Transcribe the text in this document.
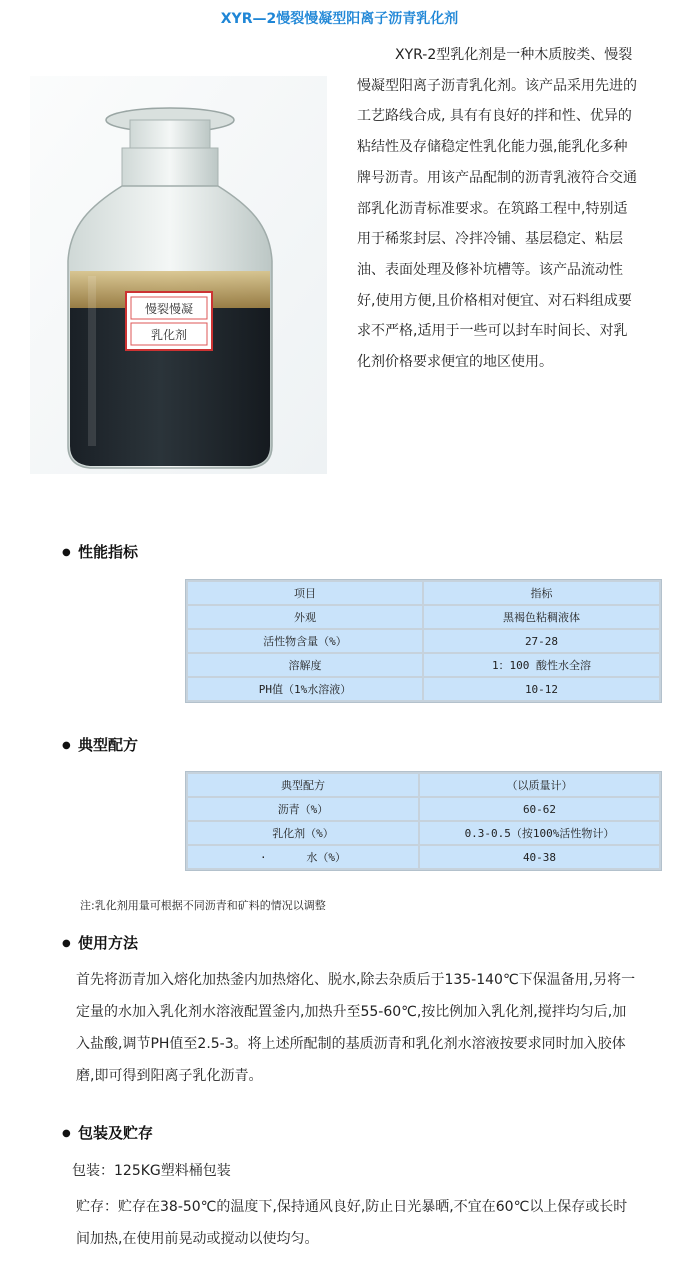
XYR—2慢裂慢凝型阳离子沥青乳化剂
慢裂慢凝
乳化剂
XYR-2型乳化剂是一种木质胺类、慢裂慢凝型阳离子沥青乳化剂。该产品采用先进的工艺路线合成, 具有有良好的拌和性、优异的粘结性及存储稳定性乳化能力强,能乳化多种牌号沥青。用该产品配制的沥青乳液符合交通部乳化沥青标准要求。在筑路工程中,特别适用于稀浆封层、冷拌冷铺、基层稳定、粘层油、表面处理及修补坑槽等。该产品流动性好,使用方便,且价格相对便宜、对石料组成要求不严格,适用于一些可以封车时间长、对乳化剂价格要求便宜的地区使用。
● 性能指标
项目	指标
外观	黑褐色粘稠液体
活性物含量（%）	27-28
溶解度	1：100 酸性水全溶
PH值（1%水溶液）	10-12
● 典型配方
典型配方	（以质量计）
沥青（%）	60-62
乳化剂（%）	0.3-0.5（按100%活性物计）
·      水（%）	40-38
注:乳化剂用量可根据不同沥青和矿料的情况以调整
● 使用方法
首先将沥青加入熔化加热釜内加热熔化、脱水,除去杂质后于135-140℃下保温备用,另将一定量的水加入乳化剂水溶液配置釜内,加热升至55-60℃,按比例加入乳化剂,搅拌均匀后,加入盐酸,调节PH值至2.5-3。将上述所配制的基质沥青和乳化剂水溶液按要求同时加入胶体磨,即可得到阳离子乳化沥青。
● 包装及贮存
包装：125KG塑料桶包装
贮存：贮存在38-50℃的温度下,保持通风良好,防止日光暴晒,不宜在60℃以上保存或长时间加热,在使用前晃动或搅动以使均匀。
